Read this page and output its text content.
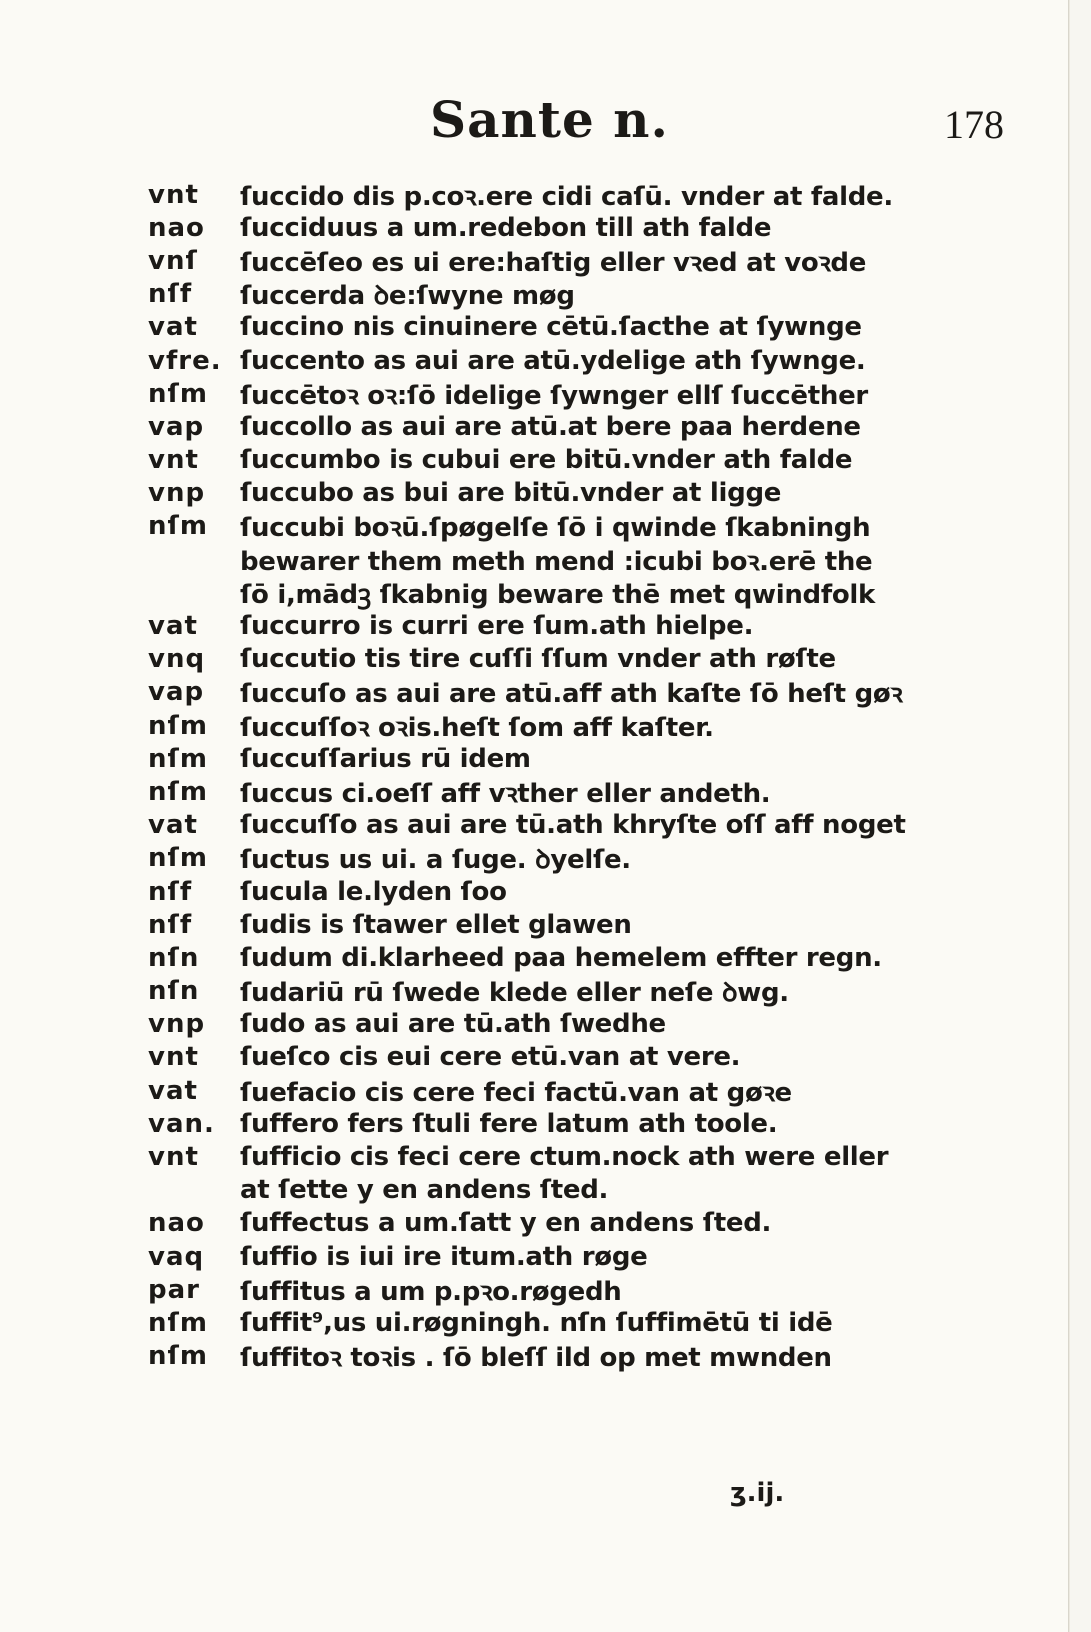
Sante n.	178
vnt	ſuccido dis p.coꝛ.ere cidi caſū. vnder at falde.
nao	ſucciduus a um.redebon till ath falde
vnſ	ſuccēſeo es ui ere:haſtig eller vꝛed at voꝛde
nſf	ſuccerda ꝺe:ſwyne møg
vat	ſuccino nis cinuinere cētū.ſacthe at ſywnge
vfre. ſuccento as aui are atū.ydelige ath ſywnge.
nſm	ſuccētoꝛ oꝛ:ſō idelige ſywnger ellſ ſuccēther
vap	ſuccollo as aui are atū.at bere paa herdene
vnt	ſuccumbo is cubui ere bitū.vnder ath falde
vnp	ſuccubo as bui are bitū.vnder at ligge
nſm	ſuccubi boꝛū.ſpøgelſe ſō i qwinde ſkabningh
bewarer them meth mend :icubi boꝛ.erē the
ſō i,mādꝫ ſkabnig beware thē met qwindfolk
vat	ſuccurro is curri ere ſum.ath hielpe.
vnq	ſuccutio tis tire cuſſi ſſum vnder ath røſte
vap	ſuccuſo as aui are atū.aff ath kaſte ſō heſt gøꝛ
nſm	ſuccuſſoꝛ oꝛis.heſt ſom aff kaſter.
nſm	ſuccuſſarius rū idem
nſm	ſuccus ci.oeſſ aff vꝛther eller andeth.
vat	ſuccuſſo as aui are tū.ath khryſte oſſ aff noget
nſm	ſuctus us ui. a ſuge. ꝺyelſe.
nſf	ſucula le.lyden ſoo
nſf	ſudis is ſtawer ellet glawen
nſn	ſudum di.klarheed paa hemelem effter regn.
nſn	ſudariū rū ſwede klede eller neſe ꝺwg.
vnp	ſudo as aui are tū.ath ſwedhe
vnt	ſueſco cis eui cere etū.van at vere.
vat	ſuefacio cis cere feci factū.van at gøꝛe
van. ſuffero fers ſtuli fere latum ath toole.
vnt	ſufficio cis feci cere ctum.nock ath were eller
at ſette y en andens ſted.
nao	ſuffectus a um.ſatt y en andens ſted.
vaq	ſuffio is iui ire itum.ath røge
par	ſuffitus a um p.pꝛo.røgedh
nſm	ſuffit⁹,us ui.røgningh. nſn ſuffimētū ti idē
nſm	ſuffitoꝛ toꝛis . ſō bleſſ ild op met mwnden
ʒ.ij.
